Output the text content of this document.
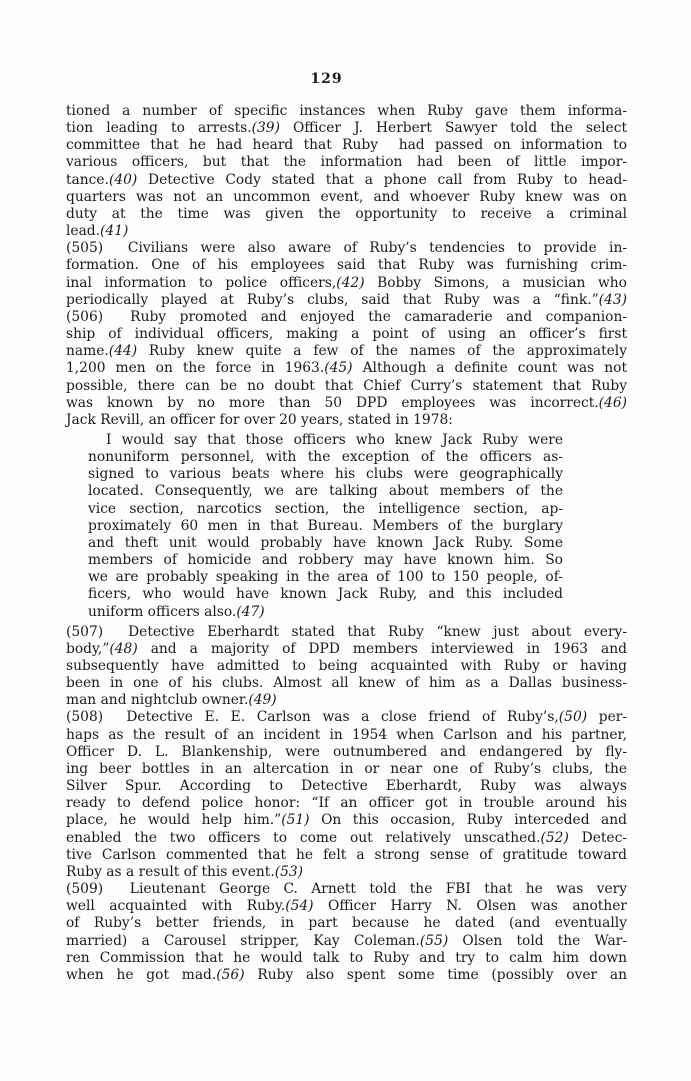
129
tioned a number of specific instances when Ruby gave them informa-
tion leading to arrests.(39) Officer J. Herbert Sawyer told the select
committee that he had heard that Ruby  had passed on information to
various officers, but that the information had been of little impor-
tance.(40) Detective Cody stated that a phone call from Ruby to head-
quarters was not an uncommon event, and whoever Ruby knew was on
duty at the time was given the opportunity to receive a criminal
lead.(41)
(505)  Civilians were also aware of Ruby’s tendencies to provide in-
formation. One of his employees said that Ruby was furnishing crim-
inal information to police officers,(42) Bobby Simons, a musician who
periodically played at Ruby’s clubs, said that Ruby was a “fink.”(43)
(506)  Ruby promoted and enjoyed the camaraderie and companion-
ship of individual officers, making a point of using an officer’s first
name.(44) Ruby knew quite a few of the names of the approximately
1,200 men on the force in 1963.(45) Although a definite count was not
possible, there can be no doubt that Chief Curry’s statement that Ruby
was known by no more than 50 DPD employees was incorrect.(46)
Jack Revill, an officer for over 20 years, stated in 1978:
I would say that those officers who knew Jack Ruby were
nonuniform personnel, with the exception of the officers as-
signed to various beats where his clubs were geographically
located. Consequently, we are talking about members of the
vice section, narcotics section, the intelligence section, ap-
proximately 60 men in that Bureau. Members of the burglary
and theft unit would probably have known Jack Ruby. Some
members of homicide and robbery may have known him. So
we are probably speaking in the area of 100 to 150 people, of-
ficers, who would have known Jack Ruby, and this included
uniform officers also.(47)
(507)  Detective Eberhardt stated that Ruby “knew just about every-
body,”(48) and a majority of DPD members interviewed in 1963 and
subsequently have admitted to being acquainted with Ruby or having
been in one of his clubs. Almost all knew of him as a Dallas business-
man and nightclub owner.(49)
(508)  Detective E. E. Carlson was a close friend of Ruby’s,(50) per-
haps as the result of an incident in 1954 when Carlson and his partner,
Officer D. L. Blankenship, were outnumbered and endangered by fly-
ing beer bottles in an altercation in or near one of Ruby’s clubs, the
Silver Spur. According to Detective Eberhardt, Ruby was always
ready to defend police honor: “If an officer got in trouble around his
place, he would help him.”(51) On this occasion, Ruby interceded and
enabled the two officers to come out relatively unscathed.(52) Detec-
tive Carlson commented that he felt a strong sense of gratitude toward
Ruby as a result of this event.(53)
(509)  Lieutenant George C. Arnett told the FBI that he was very
well acquainted with Ruby.(54) Officer Harry N. Olsen was another
of Ruby’s better friends, in part because he dated (and eventually
married) a Carousel stripper, Kay Coleman.(55) Olsen told the War-
ren Commission that he would talk to Ruby and try to calm him down
when he got mad.(56) Ruby also spent some time (possibly over an
